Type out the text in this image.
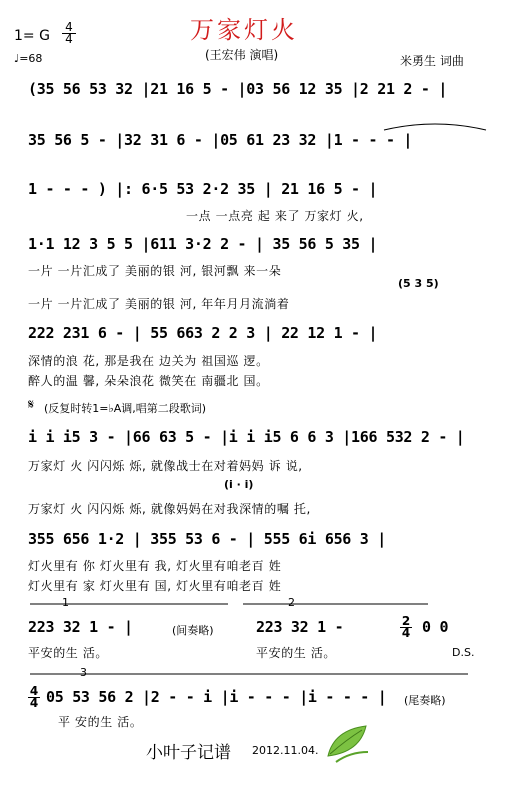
1= G
4
4
♩=68
万家灯火
(王宏伟 演唱)	米勇生 词曲
(35 56 53 32 |21 16 5 - |03 56 12 35 |2 21 2 - |
35 56 5 - |32 31 6 - |05 61 23 32 |1 - - - |
1 - - - ) |: 6·5 53 2·2 35 | 21 16 5 - |
一点 一点亮 起 来了 万家灯 火,
1·1 12 3 5 5 |611 3·2 2 - | 35 56 5 35 |
一片 一片汇成了 美丽的银 河, 银河飘 来一朵
(5 3 5)
一片 一片汇成了 美丽的银 河, 年年月月流淌着
222 231 6 - | 55 663 2 2 3 | 22 12 1 - |
深情的浪 花, 那是我在 边关为 祖国巡 逻。
醉人的温 馨, 朵朵浪花 微笑在 南疆北 国。
𝄋 (反复时转1=♭A调,唱第二段歌词)
i i i5 3 - |66 63 5 - |i i i5 6 6 3 |166 532 2 - |
万家灯 火 闪闪烁 烁, 就像战士在对着妈妈 诉 说,
(i · i)
万家灯 火 闪闪烁 烁, 就像妈妈在对我深情的嘱 托,
355 656 1·2 | 355 53 6 - | 555 6i 656 3 |
灯火里有 你 灯火里有 我, 灯火里有咱老百 姓
灯火里有 家 灯火里有 国, 灯火里有咱老百 姓
1	2
223 32 1 - |	(间奏略)	223 32 1 -	2
4 0 0
平安的生 活。	平安的生 活。	D.S.
3
4
4 05 53 56 2 |2 - - i |i - - - |i - - - | (尾奏略)
平 安的生 活。
小叶子记谱 2012.11.04.
